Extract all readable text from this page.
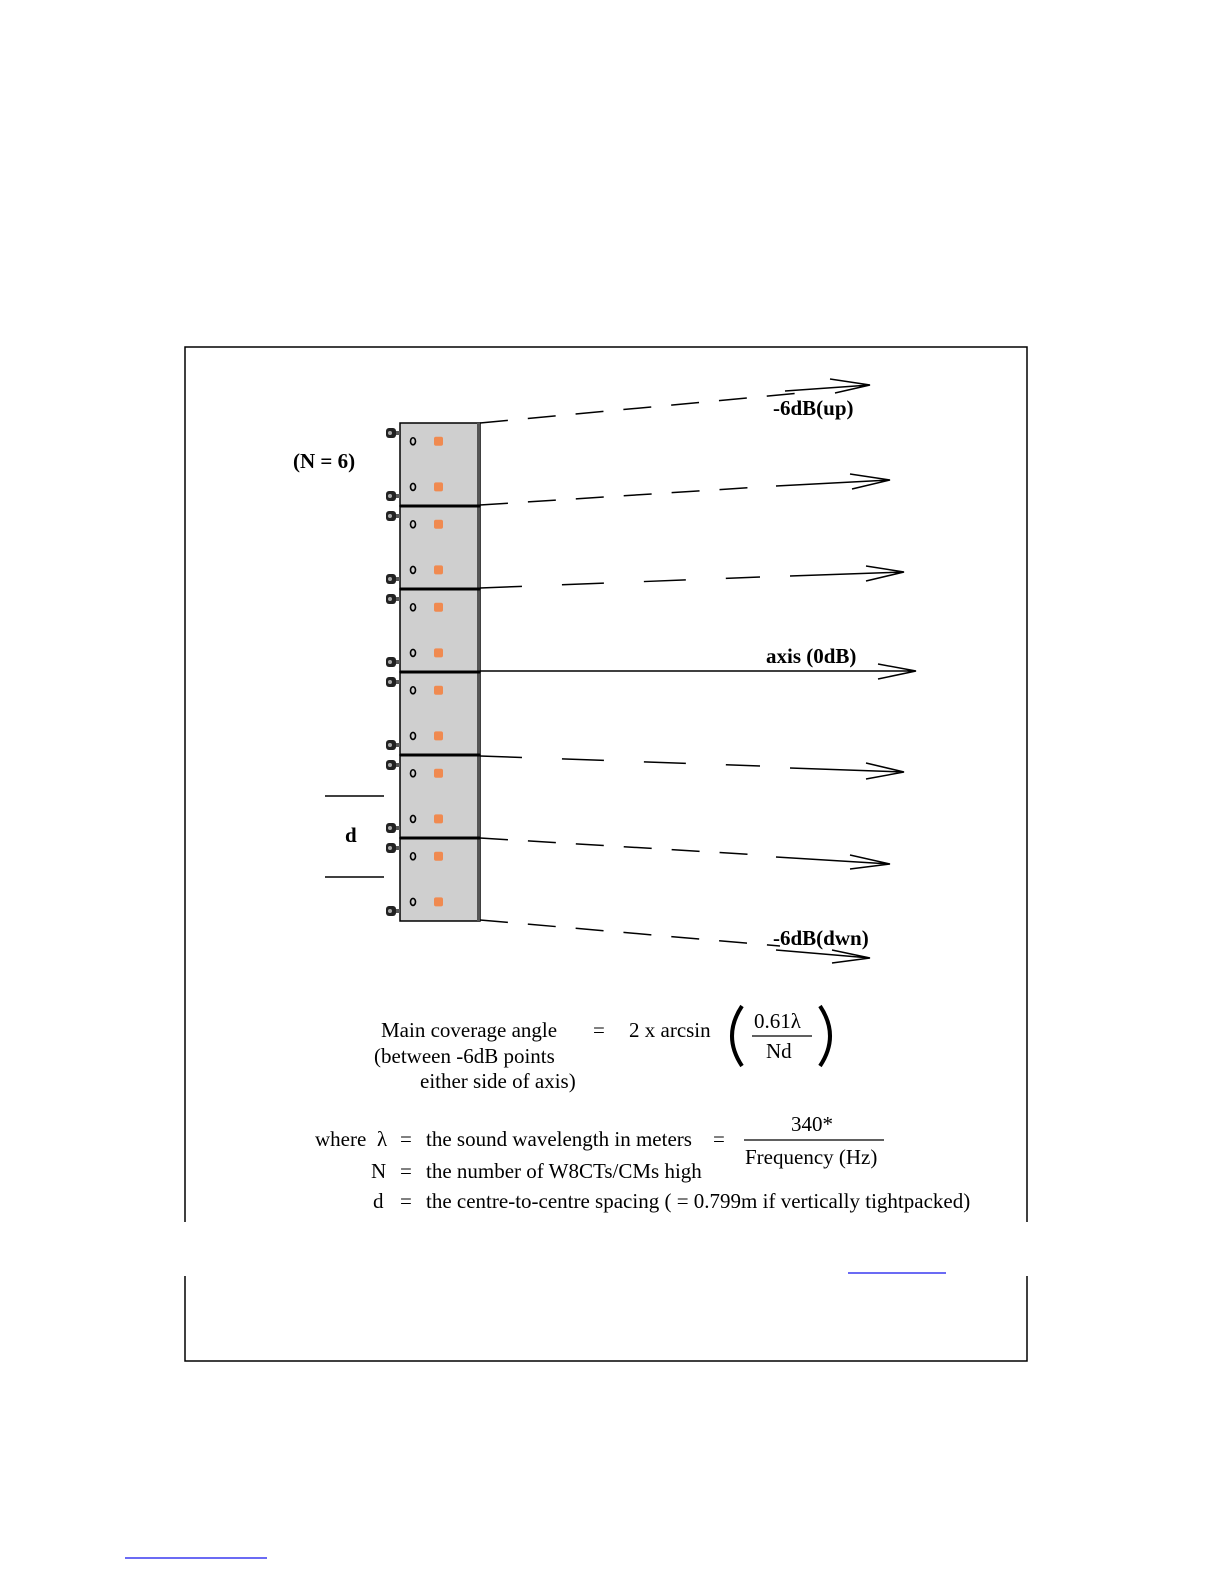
(N = 6)
-6dB(up)
axis (0dB)
-6dB(dwn)
d
Main coverage angle
(between -6dB points
either side of axis)
= 2 x arcsin 0.61λ
Nd
where λ = the sound wavelength in meters =
340*
Frequency (Hz)
N = the number of W8CTs/CMs high
d = the centre-to-centre spacing ( = 0.799m if vertically tightpacked)
